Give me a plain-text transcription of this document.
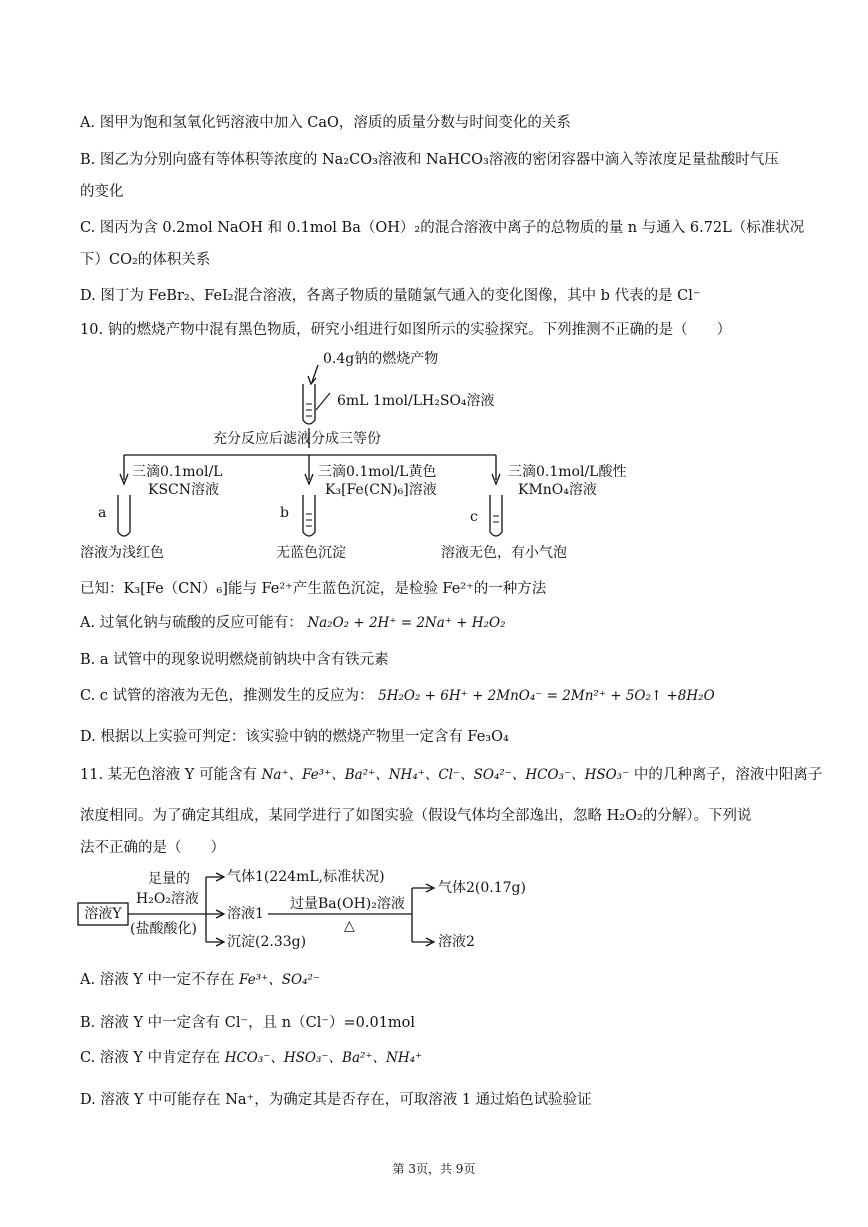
A. 图甲为饱和氢氧化钙溶液中加入 CaO，溶质的质量分数与时间变化的关系
B. 图乙为分别向盛有等体积等浓度的 Na₂CO₃溶液和 NaHCO₃溶液的密闭容器中滴入等浓度足量盐酸时气压
的变化
C. 图丙为含 0.2mol NaOH 和 0.1mol Ba（OH）₂的混合溶液中离子的总物质的量 n 与通入 6.72L（标准状况
下）CO₂的体积关系
D. 图丁为 FeBr₂、FeI₂混合溶液，各离子物质的量随氯气通入的变化图像，其中 b 代表的是 Cl⁻
10. 钠的燃烧产物中混有黑色物质，研究小组进行如图所示的实验探究。下列推测不正确的是（　　）
0.4g钠的燃烧产物
6mL 1mol/LH₂SO₄溶液
充分反应后滤液分成三等份
三滴0.1mol/L
KSCN溶液
三滴0.1mol/L黄色
K₃[Fe(CN)₆]溶液
三滴0.1mol/L酸性
KMnO₄溶液
a	b	c
溶液为浅红色	无蓝色沉淀	溶液无色，有小气泡
已知：K₃[Fe（CN）₆]能与 Fe²⁺产生蓝色沉淀，是检验 Fe²⁺的一种方法
A. 过氧化钠与硫酸的反应可能有： Na₂O₂ + 2H⁺ = 2Na⁺ + H₂O₂
B. a 试管中的现象说明燃烧前钠块中含有铁元素
C. c 试管的溶液为无色，推测发生的反应为： 5H₂O₂ + 6H⁺ + 2MnO₄⁻ = 2Mn²⁺ + 5O₂↑ +8H₂O
D. 根据以上实验可判定：该实验中钠的燃烧产物里一定含有 Fe₃O₄
11. 某无色溶液 Y 可能含有 Na⁺、Fe³⁺、Ba²⁺、NH₄⁺、Cl⁻、SO₄²⁻、HCO₃⁻、HSO₃⁻ 中的几种离子，溶液中阳离子
浓度相同。为了确定其组成，某同学进行了如图实验（假设气体均全部逸出，忽略 H₂O₂的分解）。下列说
法不正确的是（　　）
溶液Y
足量的
H₂O₂溶液
(盐酸酸化)
气体1(224mL,标准状况)
溶液1
沉淀(2.33g)
过量Ba(OH)₂溶液
△
气体2(0.17g)
溶液2
A. 溶液 Y 中一定不存在 Fe³⁺、SO₄²⁻
B. 溶液 Y 中一定含有 Cl⁻，且 n（Cl⁻）=0.01mol
C. 溶液 Y 中肯定存在 HCO₃⁻、HSO₃⁻、Ba²⁺、NH₄⁺
D. 溶液 Y 中可能存在 Na⁺，为确定其是否存在，可取溶液 1 通过焰色试验验证
第 3页，共 9页
